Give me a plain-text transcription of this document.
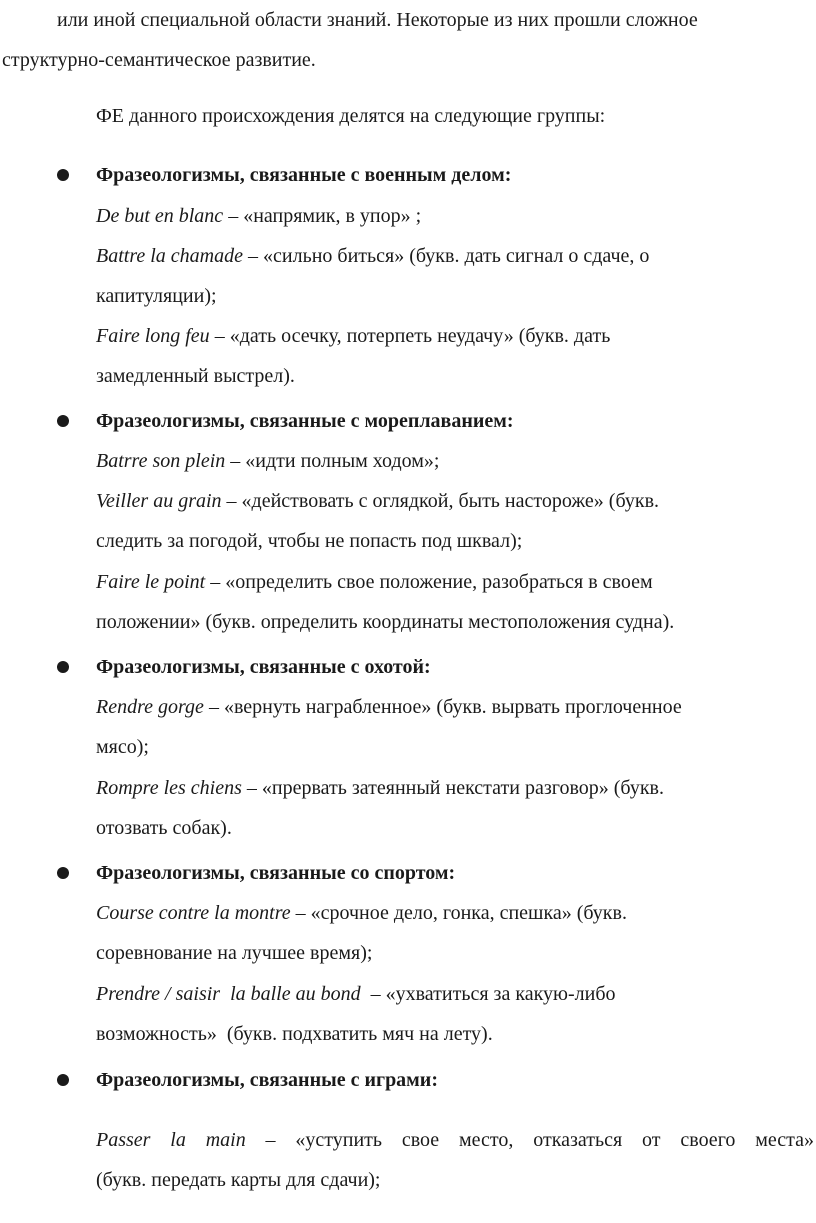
или иной специальной области знаний. Некоторые из них прошли сложное
структурно-семантическое развитие.
ФЕ данного происхождения делятся на следующие группы:
Фразеологизмы, связанные с военным делом:
De but en blanc – «напрямик, в упор» ;
Battre la chamade – «сильно биться» (букв. дать сигнал о сдаче, о
капитуляции);
Faire long feu – «дать осечку, потерпеть неудачу» (букв. дать
замедленный выстрел).
Фразеологизмы, связанные с мореплаванием:
Batrre son plein – «идти полным ходом»;
Veiller au grain – «действовать с оглядкой, быть настороже» (букв.
следить за погодой, чтобы не попасть под шквал);
Faire le point – «определить свое положение, разобраться в своем
положении» (букв. определить координаты местоположения судна).
Фразеологизмы, связанные с охотой:
Rendre gorge – «вернуть награбленное» (букв. вырвать проглоченное
мясо);
Rompre les chiens – «прервать затеянный некстати разговор» (букв.
отозвать собак).
Фразеологизмы, связанные со спортом:
Course contre la montre – «срочное дело, гонка, спешка» (букв.
соревнование на лучшее время);
Prendre / saisir  la balle au bond  – «ухватиться за какую-либо
возможность»  (букв. подхватить мяч на лету).
Фразеологизмы, связанные с играми:
Passer la main – «уступить свое место, отказаться от своего места»
(букв. передать карты для сдачи);
